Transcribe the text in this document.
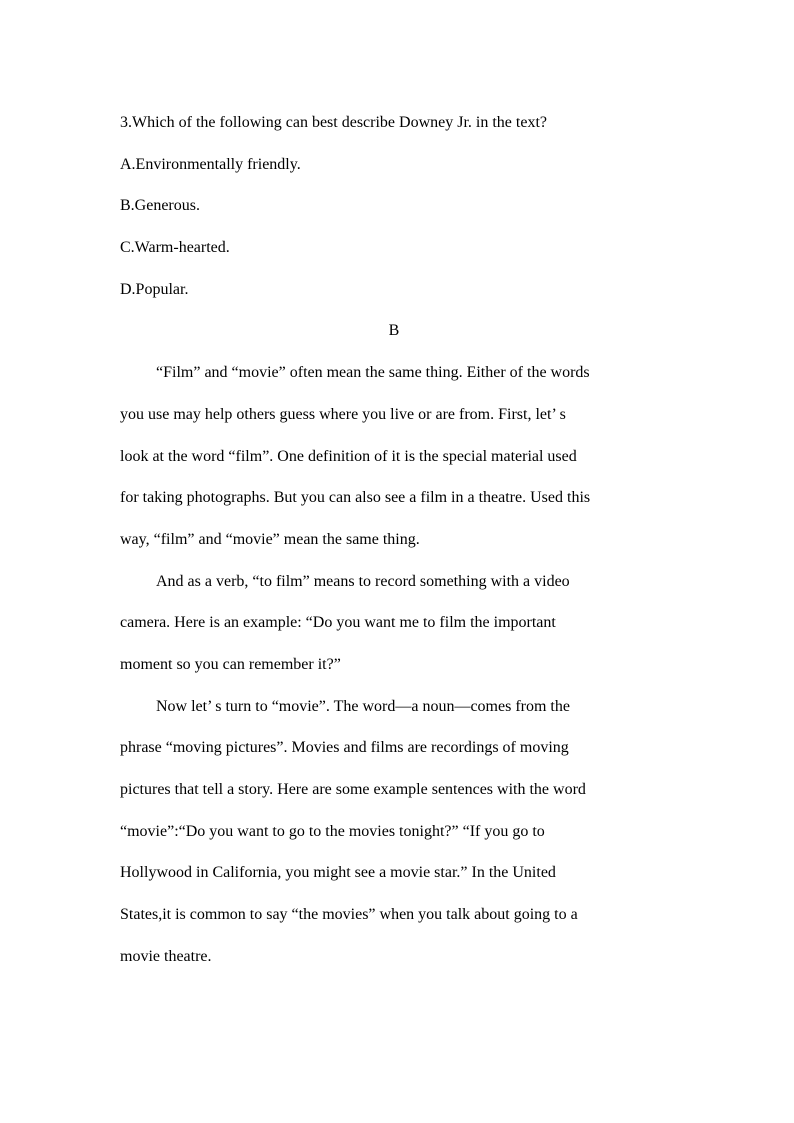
3.Which of the following can best describe Downey Jr. in the text?
A.Environmentally friendly.
B.Generous.
C.Warm-hearted.
D.Popular.
B
“Film” and “movie” often mean the same thing. Either of the words
you use may help others guess where you live or are from. First, let’ s
look at the word “film”. One definition of it is the special material used
for taking photographs. But you can also see a film in a theatre. Used this
way, “film” and “movie” mean the same thing.
And as a verb, “to film” means to record something with a video
camera. Here is an example: “Do you want me to film the important
moment so you can remember it?”
Now let’ s turn to “movie”. The word—a noun—comes from the
phrase “moving pictures”. Movies and films are recordings of moving
pictures that tell a story. Here are some example sentences with the word
“movie”:“Do you want to go to the movies tonight?” “If you go to
Hollywood in California, you might see a movie star.” In the United
States,it is common to say “the movies” when you talk about going to a
movie theatre.
